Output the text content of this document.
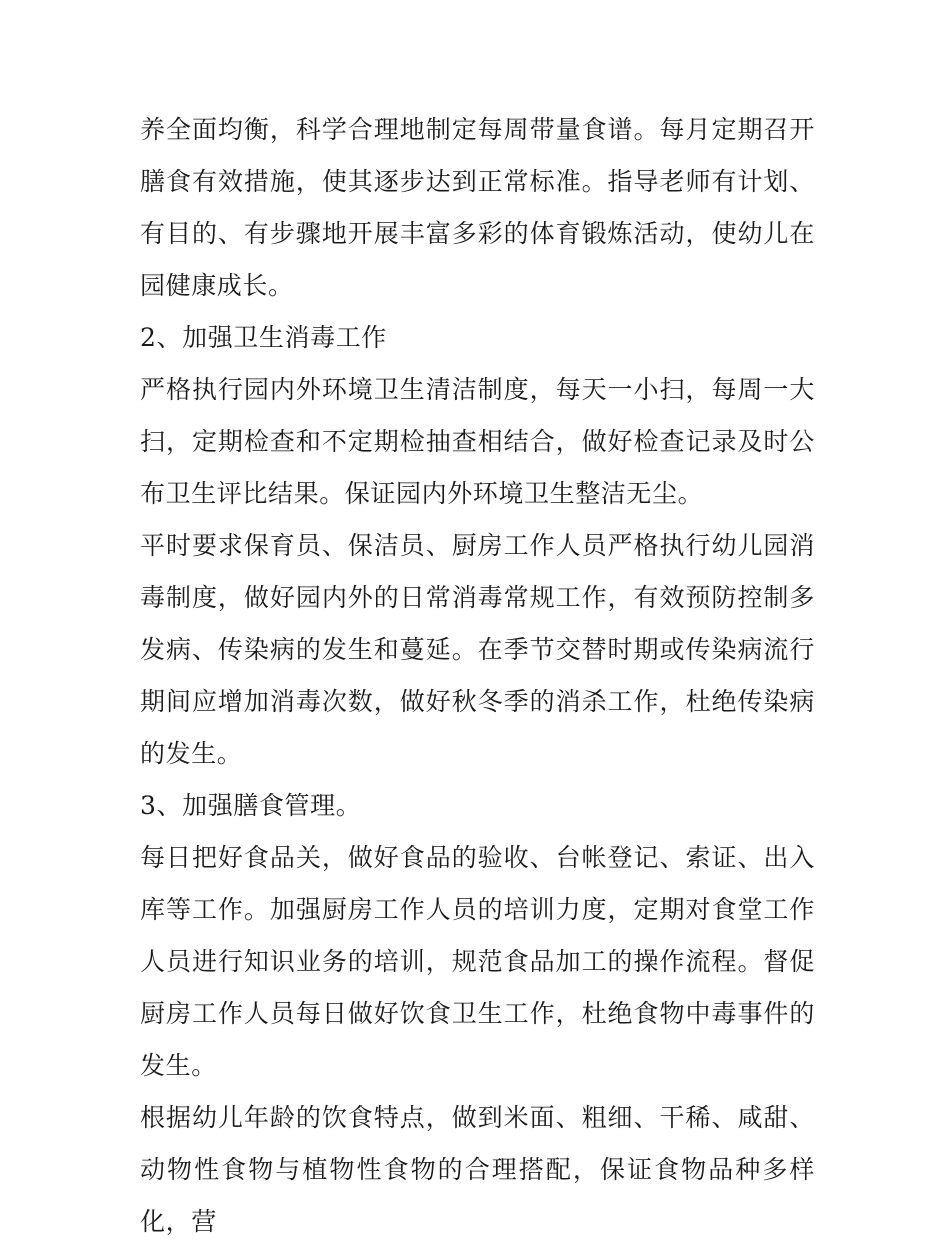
养全面均衡，科学合理地制定每周带量食谱。每月定期召开膳食有效措施，使其逐步达到正常标准。指导老师有计划、有目的、有步骤地开展丰富多彩的体育锻炼活动，使幼儿在园健康成长。

2、加强卫生消毒工作

严格执行园内外环境卫生清洁制度，每天一小扫，每周一大扫，定期检查和不定期检抽查相结合，做好检查记录及时公布卫生评比结果。保证园内外环境卫生整洁无尘。

平时要求保育员、保洁员、厨房工作人员严格执行幼儿园消毒制度，做好园内外的日常消毒常规工作，有效预防控制多发病、传染病的发生和蔓延。在季节交替时期或传染病流行期间应增加消毒次数，做好秋冬季的消杀工作，杜绝传染病的发生。

3、加强膳食管理。

每日把好食品关，做好食品的验收、台帐登记、索证、出入库等工作。加强厨房工作人员的培训力度，定期对食堂工作人员进行知识业务的培训，规范食品加工的操作流程。督促厨房工作人员每日做好饮食卫生工作，杜绝食物中毒事件的发生。

根据幼儿年龄的饮食特点，做到米面、粗细、干稀、咸甜、动物性食物与植物性食物的合理搭配，保证食物品种多样化，营
